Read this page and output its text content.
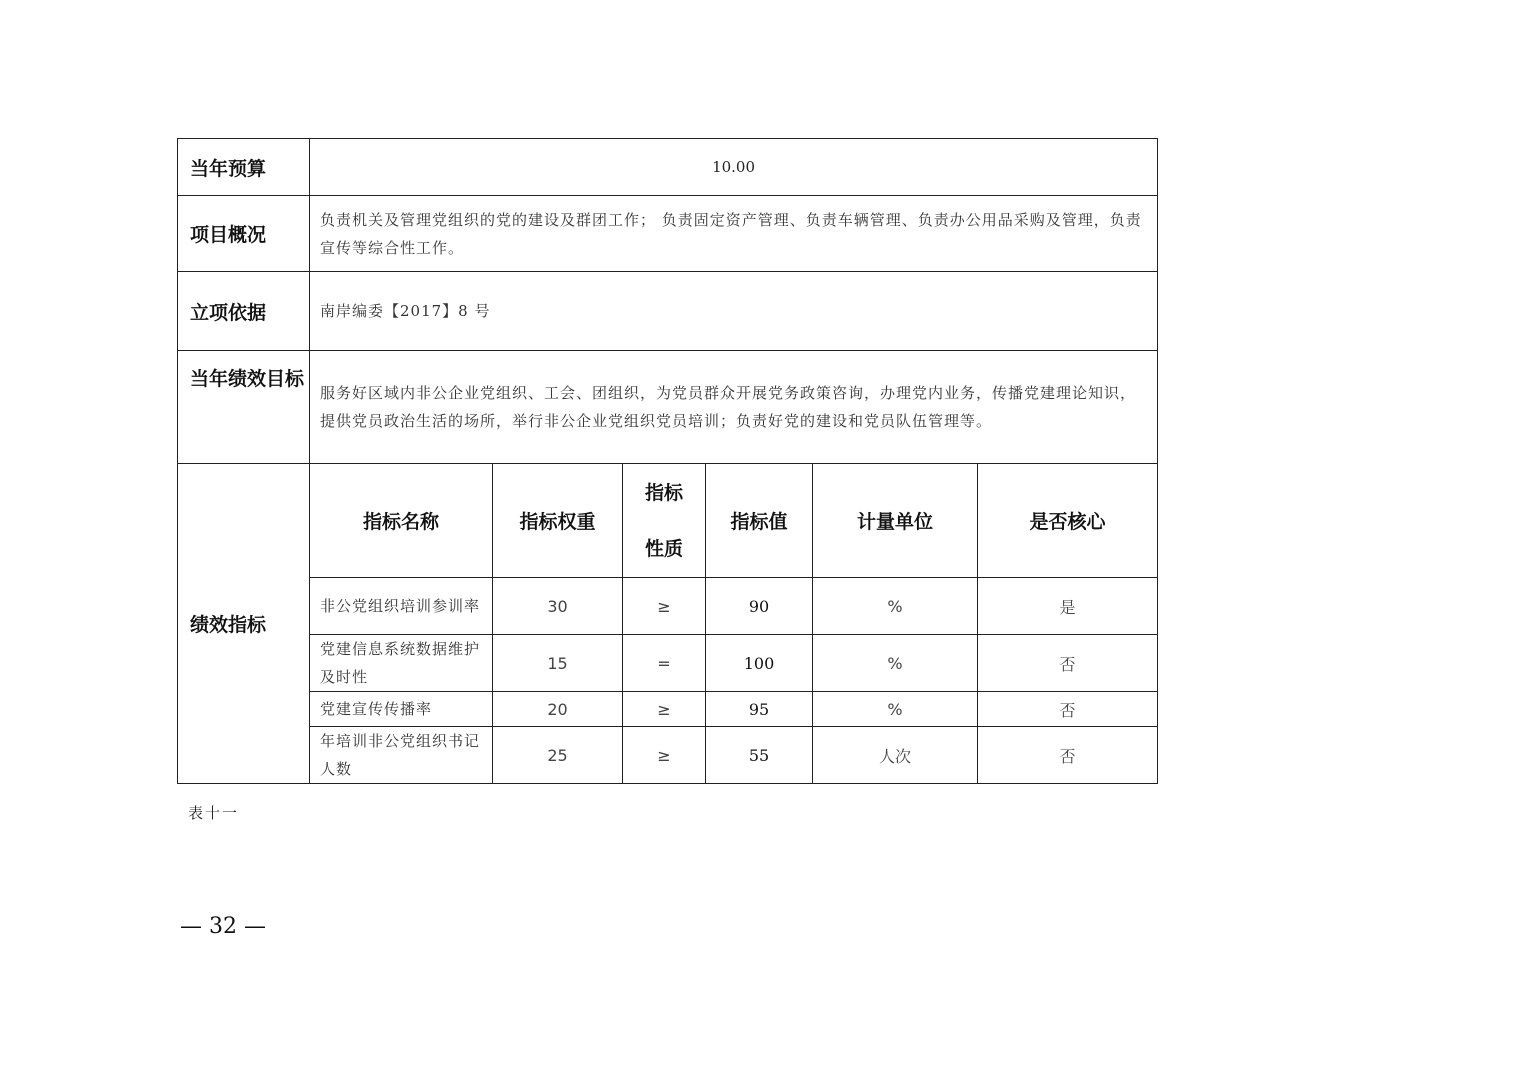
当年预算	10.00					
项目概况	负责机关及管理党组织的党的建设及群团工作； 负责固定资产管理、负责车辆管理、负责办公用品采购及管理，负责宣传等综合性工作。					
立项依据	南岸编委【2017】8 号					
当年绩效目标	服务好区域内非公企业党组织、工会、团组织，为党员群众开展党务政策咨询，办理党内业务，传播党建理论知识，提供党员政治生活的场所，举行非公企业党组织党员培训；负责好党的建设和党员队伍管理等。					
绩效指标	指标名称	指标权重	指标性质	指标值	计量单位	是否核心
	非公党组织培训参训率	30	≥	90	%	是
	党建信息系统数据维护及时性	15	=	100	%	否
	党建宣传传播率	20	≥	95	%	否
	年培训非公党组织书记人数	25	≥	55	人次	否
表十一
— 32 —
